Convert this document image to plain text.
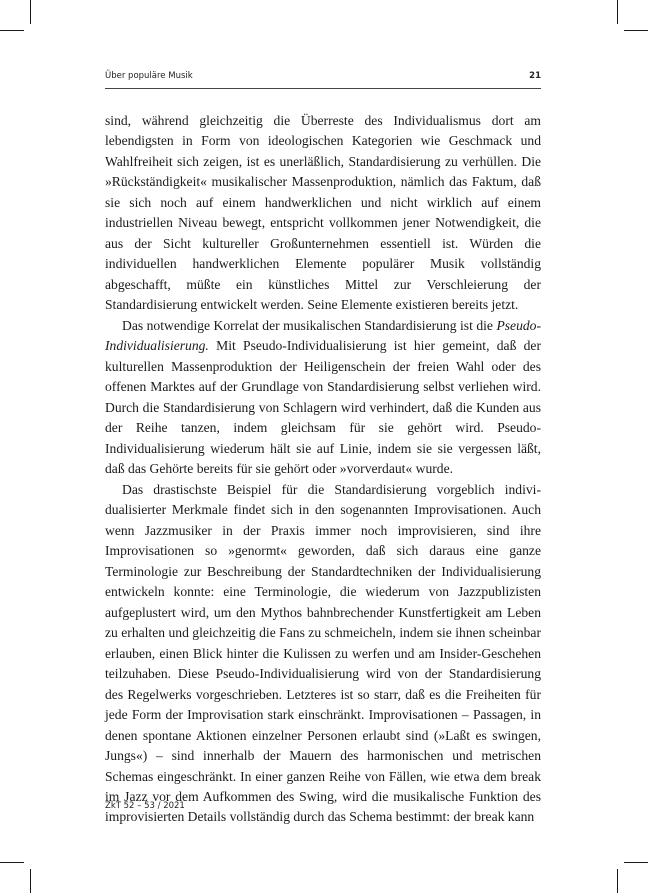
Über populäre Musik	21

sind, während gleichzeitig die Überreste des Individualismus dort am lebendigsten in Form von ideologischen Kategorien wie Geschmack und Wahlfreiheit sich zeigen, ist es unerläßlich, Standardisierung zu verhüllen. Die »Rückständigkeit« musikalischer Massenproduktion, nämlich das Faktum, daß sie sich noch auf einem handwerklichen und nicht wirklich auf einem industriellen Niveau bewegt, entspricht vollkommen jener Notwendigkeit, die aus der Sicht kultureller Großunternehmen essentiell ist. Würden die individuellen handwerklichen Elemente populärer Musik vollständig abgeschafft, müßte ein künstliches Mittel zur Verschleierung der Standardisierung entwickelt werden. Seine Elemente existieren bereits jetzt.

Das notwendige Korrelat der musikalischen Standardisierung ist die Pseudo-Individualisierung. Mit Pseudo-Individualisierung ist hier gemeint, daß der kulturellen Massenproduktion der Heiligenschein der freien Wahl oder des offenen Marktes auf der Grundlage von Standardisierung selbst verliehen wird. Durch die Standardisierung von Schlagern wird verhindert, daß die Kunden aus der Reihe tanzen, indem gleichsam für sie gehört wird. Pseudo-Individualisierung wiederum hält sie auf Linie, indem sie sie vergessen läßt, daß das Gehörte bereits für sie gehört oder »vorverdaut« wurde.

Das drastischste Beispiel für die Standardisierung vorgeblich individualisierter Merkmale findet sich in den sogenannten Improvisationen. Auch wenn Jazzmusiker in der Praxis immer noch improvisieren, sind ihre Improvisationen so »genormt« geworden, daß sich daraus eine ganze Terminologie zur Beschreibung der Standardtechniken der Individualisierung entwickeln konnte: eine Terminologie, die wiederum von Jazzpublizisten aufgeplustert wird, um den Mythos bahnbrechender Kunstfertigkeit am Leben zu erhalten und gleichzeitig die Fans zu schmeicheln, indem sie ihnen scheinbar erlauben, einen Blick hinter die Kulissen zu werfen und am Insider-Geschehen teilzuhaben. Diese Pseudo-Individualisierung wird von der Standardisierung des Regelwerks vorgeschrieben. Letzteres ist so starr, daß es die Freiheiten für jede Form der Improvisation stark einschränkt. Improvisationen – Passagen, in denen spontane Aktionen einzelner Personen erlaubt sind (»Laßt es swingen, Jungs«) – sind innerhalb der Mauern des harmonischen und metrischen Schemas eingeschränkt. In einer ganzen Reihe von Fällen, wie etwa dem break im Jazz vor dem Aufkommen des Swing, wird die musikalische Funktion des improvisierten Details vollständig durch das Schema bestimmt: der break kann

ZkT 52 – 53 / 2021
